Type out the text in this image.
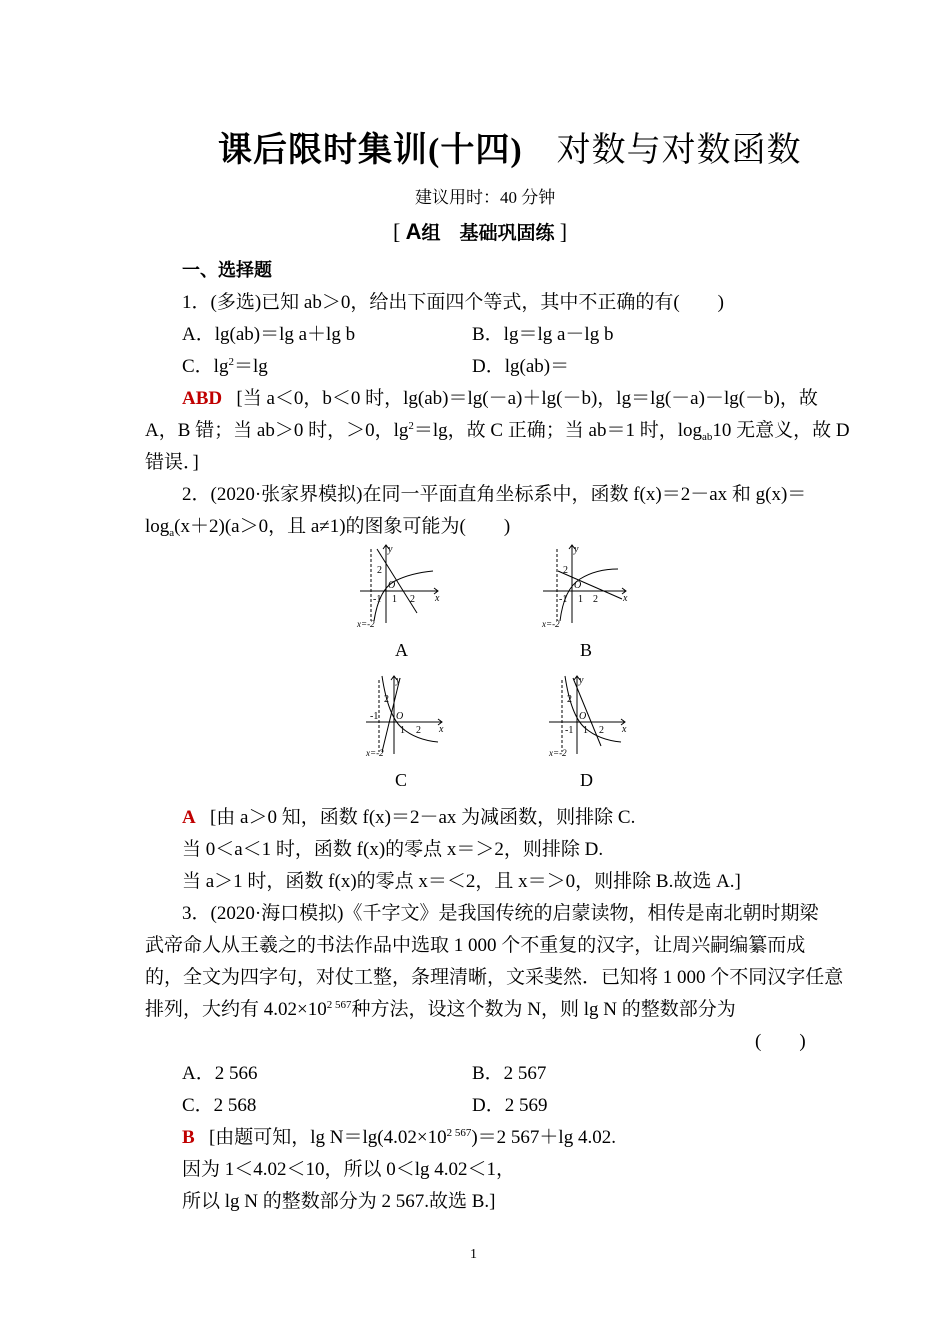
课后限时集训(十四) 对数与对数函数
建议用时：40 分钟
[ A组　基础巩固练 ]
一、选择题
1．(多选)已知 ab＞0，给出下面四个等式，其中不正确的有(　　)
A．lg(ab)＝lg a＋lg b	B．lg＝lg a－lg b
C．$\lg^2=\lg$	D．lg(ab)＝
ABD [当 a＜0，b＜0 时，lg(ab)＝lg(－a)＋lg(－b)，lg＝lg(－a)－lg(－b)，故
A，B 错；当 ab＞0 时，＞0，$\lg^2=\lg$，故 C 正确；当 ab＝1 时，$\log_{ab}10$ 无意义，故 D
错误．]
2．(2020·张家界模拟)在同一平面直角坐标系中，函数 f(x)＝2－ax 和 g(x)＝
$\log_a(x+2)(a>0$，且 a≠1)的图象可能为(　　)
y
x
2
-1 1 2
O
x=-2
A
y
x
2
-1 1 2
O
x=-2
B
y
x
2
-1
1 2
O
x=-2
C
y
x
2
-1 1 2
O
x=-2
D
A [由 a＞0 知，函数 f(x)＝2－ax 为减函数，则排除 C.
当 0＜a＜1 时，函数 f(x)的零点 x＝＞2，则排除 D.
当 a＞1 时，函数 f(x)的零点 x＝＜2，且 x＝＞0，则排除 B.故选 A.]
3．(2020·海口模拟)《千字文》是我国传统的启蒙读物，相传是南北朝时期梁
武帝命人从王羲之的书法作品中选取 1 000 个不重复的汉字，让周兴嗣编纂而成
的，全文为四字句，对仗工整，条理清晰，文采斐然．已知将 1 000 个不同汉字任意
排列，大约有 $4.02\times 10^{2 567}$种方法，设这个数为 N，则 lg N 的整数部分为
(　　)
A．2 566	B．2 567
C．2 568	D．2 569
B [由题可知，$\lg N=\lg(4.02\times 10^{2 567})=2$ 567＋lg 4.02.
因为 1＜4.02＜10，所以 0＜lg 4.02＜1，
所以 lg N 的整数部分为 2 567.故选 B.]
1
